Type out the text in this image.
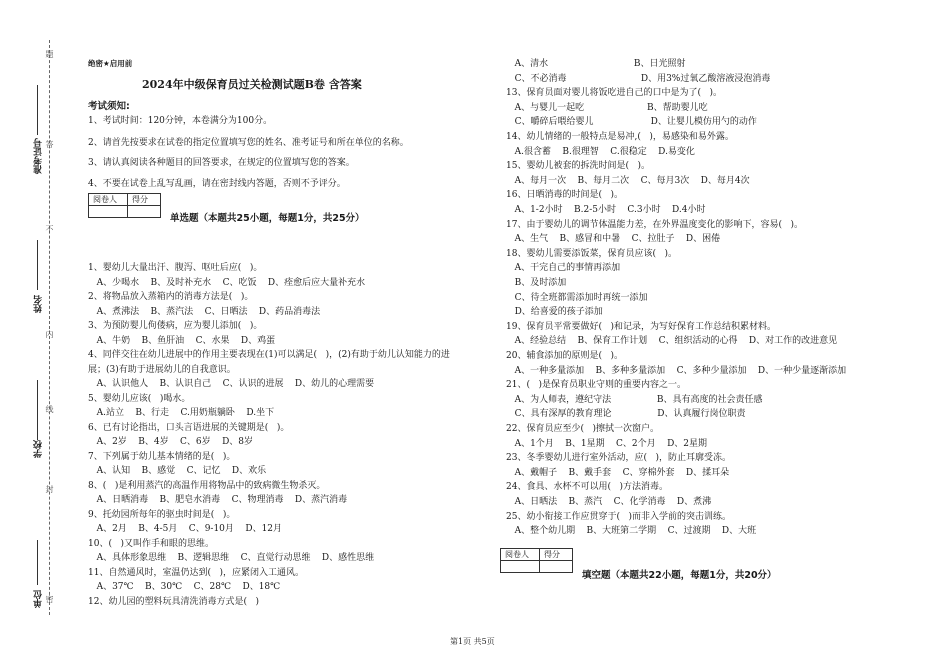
题
答
不
内
线
封
密
准考证号
姓名
学校
单位
绝密★启用前
2024年中级保育员过关检测试题B卷 含答案
考试须知:
1、考试时间：120分钟，本卷满分为100分。
2、请首先按要求在试卷的指定位置填写您的姓名、准考证号和所在单位的名称。
3、请认真阅读各种题目的回答要求，在规定的位置填写您的答案。
4、不要在试卷上乱写乱画，请在密封线内答题，否则不予评分。
阅卷人	得分

单选题（本题共25小题，每题1分，共25分）
1、婴幼儿大量出汗、腹泻、呕吐后应(   )。
A、少喝水    B、及时补充水    C、吃饭    D、痊愈后应大量补充水
2、将物品放入蒸箱内的消毒方法是(   )。
A、煮沸法    B、蒸汽法    C、日晒法    D、药品消毒法
3、为预防婴儿佝偻病，应为婴儿添加(   )。
A、牛奶    B、鱼肝油    C、水果    D、鸡蛋
4、同伴交往在幼儿进展中的作用主要表现在(1)可以满足(   )，(2)有助于幼儿认知能力的进
展；(3)有助于进展幼儿的自我意识。
A、认识他人    B、认识自己    C、认识的进展    D、幼儿的心理需要
5、婴幼儿应该(   )喝水。
A.站立    B、行走    C.用奶瓶躺卧    D.坐下
6、已有讨论指出，口头言语进展的关键期是(   )。
A、2岁    B、4岁    C、6岁    D、8岁
7、下列属于幼儿基本情绪的是(   )。
A、认知    B、感觉    C、记忆    D、欢乐
8、(   )是利用蒸汽的高温作用将物品中的致病微生物杀灭。
A、日晒消毒    B、肥皂水消毒    C、物理消毒    D、蒸汽消毒
9、托幼园所每年的驱虫时间是(   )。
A、2月    B、4-5月    C、9-10月    D、12月
10、(   )又叫作手和眼的思维。
A、具体形象思维    B、逻辑思维    C、直觉行动思维    D、感性思维
11、自然通风时，室温仍达到(   )，应紧闭入工通风。
A、37℃    B、30℃    C、28℃    D、18℃
12、幼儿园的塑料玩具清洗消毒方式是(   )
A、清水                              B、日光照射
C、不必消毒                          D、用3%过氧乙酸溶液浸泡消毒
13、保育员面对婴儿将饭吃进自己的口中是为了(   )。
A、与婴儿一起吃                      B、帮助婴儿吃
C、嚼碎后喂给婴儿                    D、让婴儿模仿用勺的动作
14、幼儿情绪的一般特点是易冲,(   )，易感染和易外露。
A.很含蓄    B.很理智    C.很稳定    D.易变化
15、婴幼儿被套的拆洗时间是(   )。
A、每月一次    B、每月二次    C、每月3次    D、每月4次
16、日晒消毒的时间是(   )。
A、1-2小时    B.2-5小时    C.3小时    D.4小时
17、由于婴幼儿的调节体温能力差，在外界温度变化的影响下，容易(   )。
A、生气    B、感冒和中暑    C、拉肚子    D、困倦
18、婴幼儿需要添饭菜，保育员应该(   )。
A、干完自己的事情再添加
B、及时添加
C、待全班都需添加时再统一添加
D、给喜爱的孩子添加
19、保育员平常要做好(   )和记录，为写好保育工作总结积累材料。
A、经验总结    B、保育工作计划    C、组织活动的心得    D、对工作的改进意见
20、辅食添加的原则是(   )。
A、一种多量添加    B、多种多量添加    C、多种少量添加    D、一种少量逐渐添加
21、(   )是保育员职业守则的重要内容之一。
A、为人师表，遵纪守法                B、具有高度的社会责任感
C、具有深厚的教育理论                D、认真履行岗位职责
22、保育员应至少(   )擦拭一次窗户。
A、1个月    B、1星期    C、2个月    D、2星期
23、冬季婴幼儿进行室外活动，应(   )，防止耳廓受冻。
A、戴帽子    B、戴手套    C、穿棉外套    D、揉耳朵
24、食具、水杯不可以用(   )方法消毒。
A、日晒法    B、蒸汽    C、化学消毒    D、煮沸
25、幼小衔接工作应贯穿于(   )而非入学前的突击训练。
A、整个幼儿期    B、大班第二学期    C、过渡期    D、大班
阅卷人	得分

填空题（本题共22小题，每题1分，共20分）
第1页 共5页
